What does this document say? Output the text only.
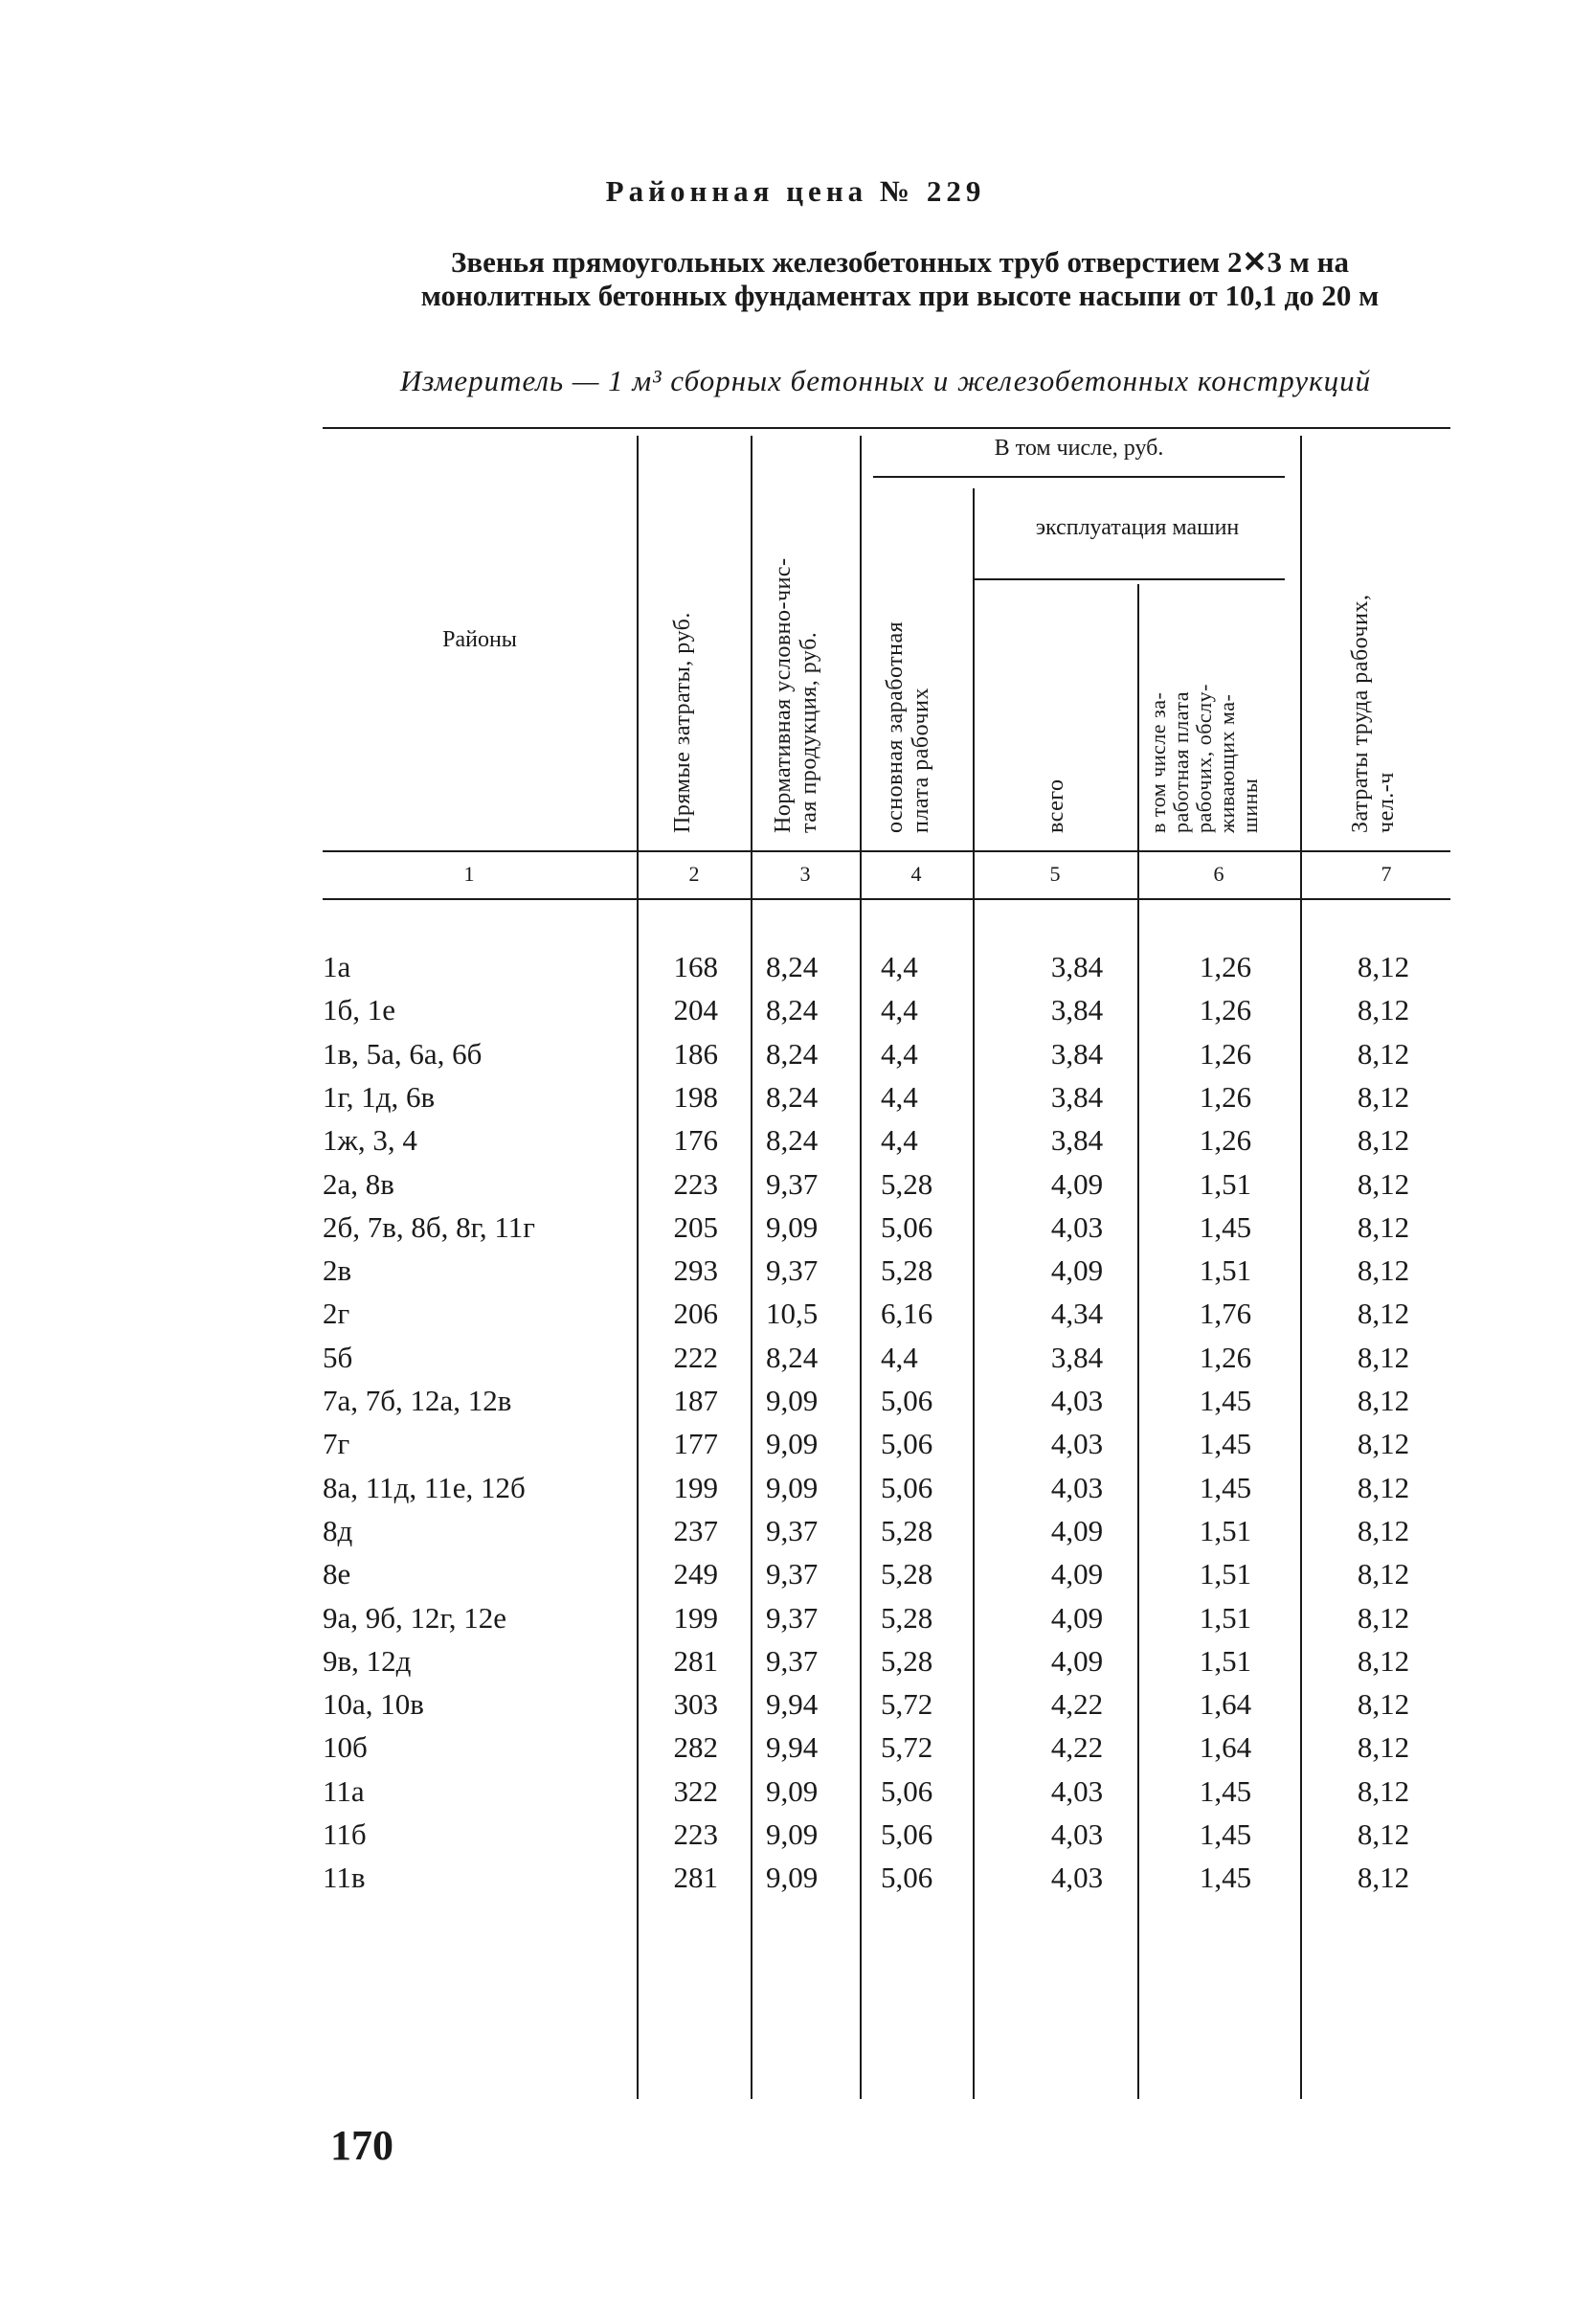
Районная цена № 229
Звенья прямоугольных железобетонных труб отверстием 2✕3 м на монолитных бетонных фундаментах при высоте насыпи от 10,1 до 20 м
Измеритель — 1 м³ сборных бетонных и железобетонных конструкций
Районы	Прямые затраты, руб.	Нормативная условно-чис- тая продукция, руб.
В том числе, руб.
основная заработная плата рабочих
эксплуатация машин
всего	в том числе за- работная плата рабочих, обслу- живающих ма- шины	Затраты труда рабочих, чел.-ч
1	2	3	4	5	6	7
1а	168 8,24	4,4	3,84	1,26	8,12
1б, 1е	204 8,24	4,4	3,84	1,26	8,12
1в, 5а, 6а, 6б	186 8,24	4,4	3,84	1,26	8,12
1г, 1д, 6в	198 8,24	4,4	3,84	1,26	8,12
1ж, 3, 4	176 8,24	4,4	3,84	1,26	8,12
2а, 8в	223 9,37	5,28	4,09	1,51	8,12
2б, 7в, 8б, 8г, 11г	205 9,09	5,06	4,03	1,45	8,12
2в	293 9,37	5,28	4,09	1,51	8,12
2г	206 10,5	6,16	4,34	1,76	8,12
5б	222 8,24	4,4	3,84	1,26	8,12
7а, 7б, 12а, 12в	187 9,09	5,06	4,03	1,45	8,12
7г	177 9,09	5,06	4,03	1,45	8,12
8а, 11д, 11е, 12б	199 9,09	5,06	4,03	1,45	8,12
8д	237 9,37	5,28	4,09	1,51	8,12
8е	249 9,37	5,28	4,09	1,51	8,12
9а, 9б, 12г, 12е	199 9,37	5,28	4,09	1,51	8,12
9в, 12д	281 9,37	5,28	4,09	1,51	8,12
10а, 10в	303 9,94	5,72	4,22	1,64	8,12
10б	282 9,94	5,72	4,22	1,64	8,12
11а	322 9,09	5,06	4,03	1,45	8,12
11б	223 9,09	5,06	4,03	1,45	8,12
11в	281 9,09	5,06	4,03	1,45	8,12
170
